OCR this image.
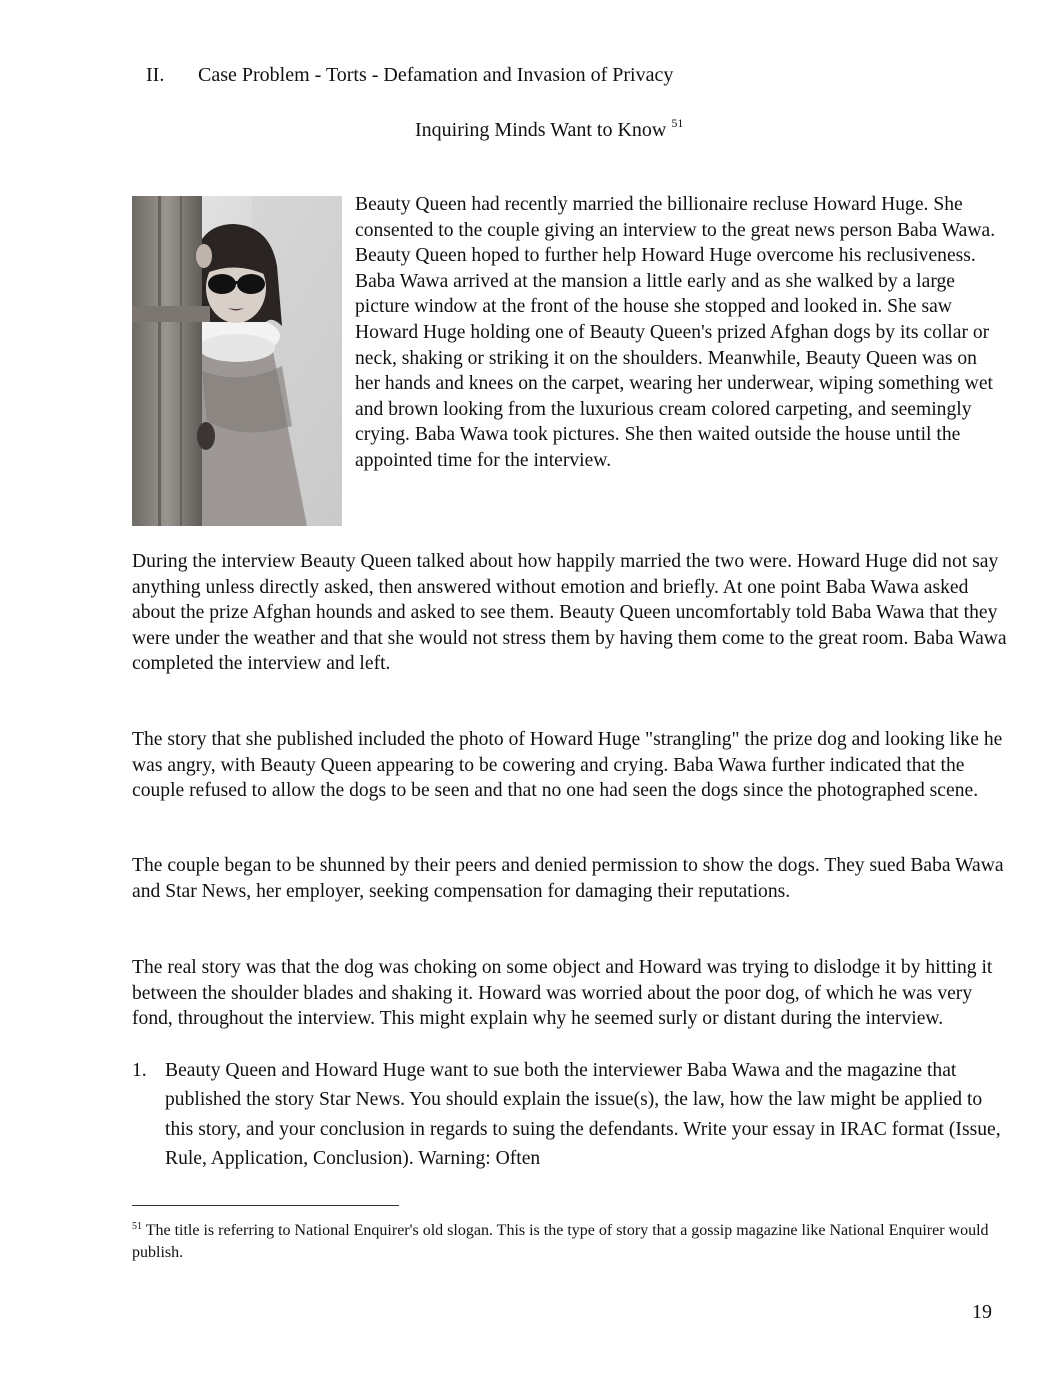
II. Case Problem - Torts - Defamation and Invasion of Privacy
Inquiring Minds Want to Know $^{51}$
Beauty Queen had recently married the billionaire recluse Howard Huge. She consented to the couple giving an interview to the great news person Baba Wawa. Beauty Queen hoped to further help Howard Huge overcome his reclusiveness. Baba Wawa arrived at the mansion a little early and as she walked by a large picture window at the front of the house she stopped and looked in. She saw Howard Huge holding one of Beauty Queen's prized Afghan dogs by its collar or neck, shaking or striking it on the shoulders. Meanwhile, Beauty Queen was on her hands and knees on the carpet, wearing her underwear, wiping something wet and brown looking from the luxurious cream colored carpeting, and seemingly crying. Baba Wawa took pictures. She then waited outside the house until the appointed time for the interview.
During the interview Beauty Queen talked about how happily married the two were. Howard Huge did not say anything unless directly asked, then answered without emotion and briefly. At one point Baba Wawa asked about the prize Afghan hounds and asked to see them. Beauty Queen uncomfortably told Baba Wawa that they were under the weather and that she would not stress them by having them come to the great room. Baba Wawa completed the interview and left.
The story that she published included the photo of Howard Huge "strangling" the prize dog and looking like he was angry, with Beauty Queen appearing to be cowering and crying. Baba Wawa further indicated that the couple refused to allow the dogs to be seen and that no one had seen the dogs since the photographed scene.
The couple began to be shunned by their peers and denied permission to show the dogs. They sued Baba Wawa and Star News, her employer, seeking compensation for damaging their reputations.
The real story was that the dog was choking on some object and Howard was trying to dislodge it by hitting it between the shoulder blades and shaking it. Howard was worried about the poor dog, of which he was very fond, throughout the interview. This might explain why he seemed surly or distant during the interview.
1. Beauty Queen and Howard Huge want to sue both the interviewer Baba Wawa and the magazine that published the story Star News. You should explain the issue(s), the law, how the law might be applied to this story, and your conclusion in regards to suing the defendants. Write your essay in IRAC format (Issue, Rule, Application, Conclusion). Warning: Often
$^{51}$ The title is referring to National Enquirer's old slogan. This is the type of story that a gossip magazine like National Enquirer would publish.
19
